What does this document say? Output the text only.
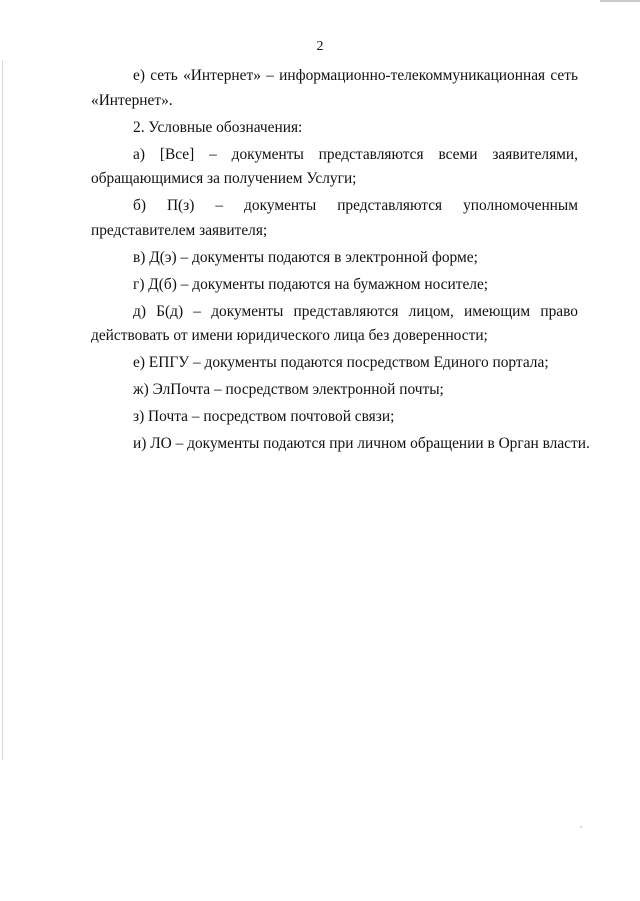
2
е) сеть «Интернет» – информационно-телекоммуникационная сеть
«Интернет».
2. Условные обозначения:
а) [Все] – документы представляются всеми заявителями,
обращающимися за получением Услуги;
б) П(з) – документы представляются уполномоченным
представителем заявителя;
в) Д(э) – документы подаются в электронной форме;
г) Д(б) – документы подаются на бумажном носителе;
д) Б(д) – документы представляются лицом, имеющим право
действовать от имени юридического лица без доверенности;
е) ЕПГУ – документы подаются посредством Единого портала;
ж) ЭлПочта – посредством электронной почты;
з) Почта – посредством почтовой связи;
и) ЛО – документы подаются при личном обращении в Орган власти.
